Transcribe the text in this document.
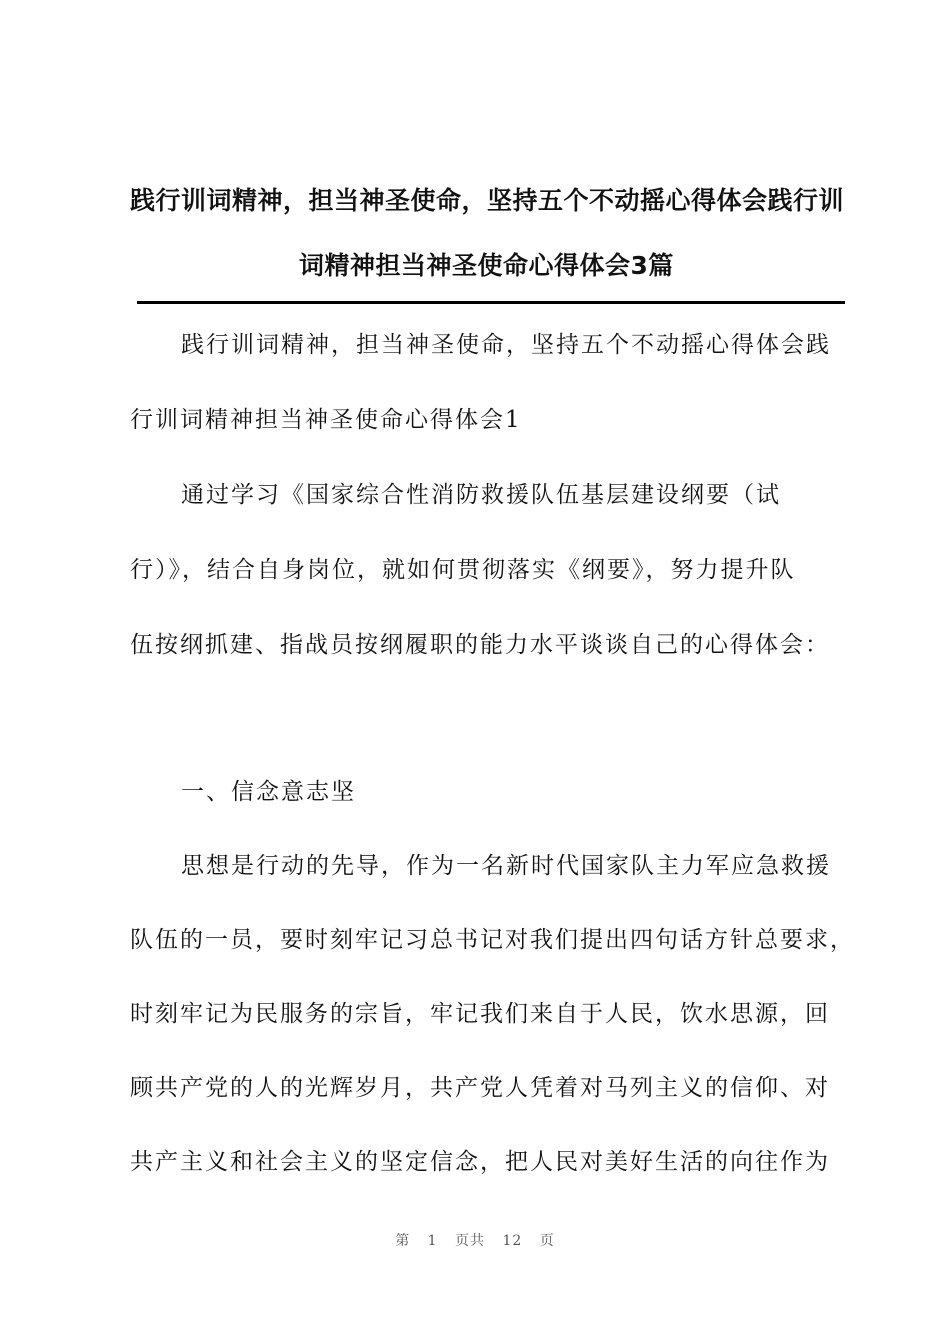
践行训词精神，担当神圣使命，坚持五个不动摇心得体会践行训
词精神担当神圣使命心得体会3篇
践行训词精神，担当神圣使命，坚持五个不动摇心得体会践
行训词精神担当神圣使命心得体会1
通过学习《国家综合性消防救援队伍基层建设纲要（试
行）》，结合自身岗位，就如何贯彻落实《纲要》，努力提升队
伍按纲抓建、指战员按纲履职的能力水平谈谈自己的心得体会：
一、信念意志坚
思想是行动的先导，作为一名新时代国家队主力军应急救援
队伍的一员，要时刻牢记习总书记对我们提出四句话方针总要求，
时刻牢记为民服务的宗旨，牢记我们来自于人民，饮水思源，回
顾共产党的人的光辉岁月，共产党人凭着对马列主义的信仰、对
共产主义和社会主义的坚定信念，把人民对美好生活的向往作为
第 1 页共 12 页
